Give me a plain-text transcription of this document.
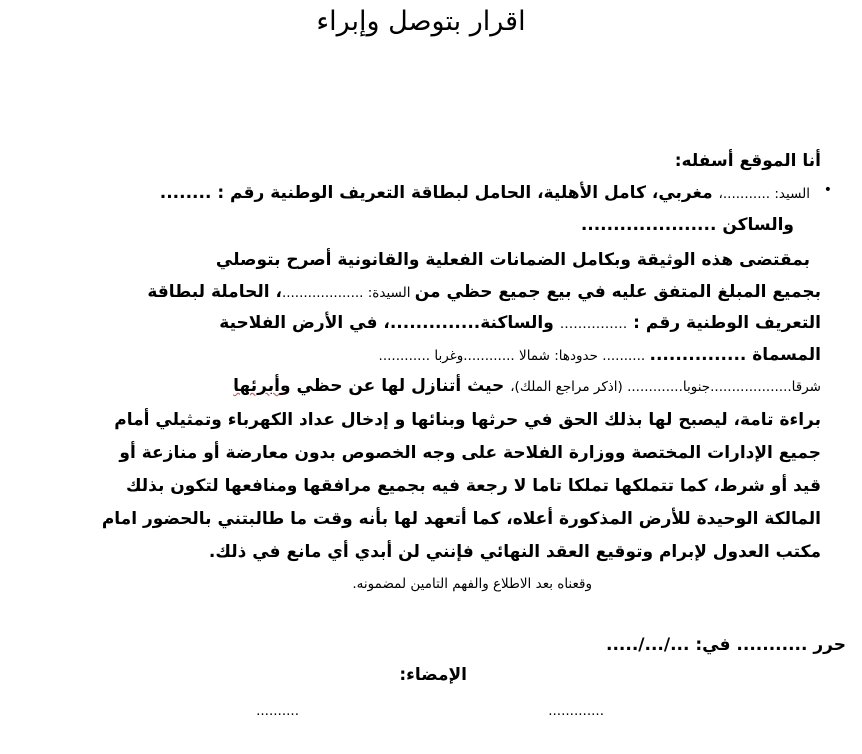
اقرار بتوصل وإبراء
أنا الموقع أسفله:
•
السيد: ...........، مغربي، كامل الأهلية، الحامل لبطاقة التعريف الوطنية رقم : ........
والساكن .....................
بمقتضى هذه الوثيقة وبكامل الضمانات الفعلية والقانونية أصرح بتوصلي
بجميع المبلغ المتفق عليه في بيع جميع حظي من السيدة: ...................، الحاملة لبطاقة
التعريف الوطنية رقم : …………… والساكنة..............، في الأرض الفلاحية
المسماة ............... .......... حدودها: شمالا ............وغربا ............
شرقا...................جنوبا............. (اذكر مراجع الملك)، حيث أتنازل لها عن حظي وأبرئها
براءة تامة، ليصبح لها بذلك الحق في حرثها وبنائها و إدخال عداد الكهرباء وتمثيلي أمام
جميع الإدارات المختصة ووزارة الفلاحة على وجه الخصوص بدون معارضة أو منازعة أو
قيد أو شرط، كما تتملكها تملكا تاما لا رجعة فيه بجميع مرافقها ومنافعها لتكون بذلك
المالكة الوحيدة للأرض المذكورة أعلاه، كما أتعهد لها بأنه وقت ما طالبتني بالحضور امام
مكتب العدول لإبرام وتوقيع العقد النهائي فإنني لن أبدي أي مانع في ذلك.
وقعناه بعد الاطلاع والفهم التامين لمضمونه.
حرر ........... في: .../.../.....
الإمضاء:
.............
..........
